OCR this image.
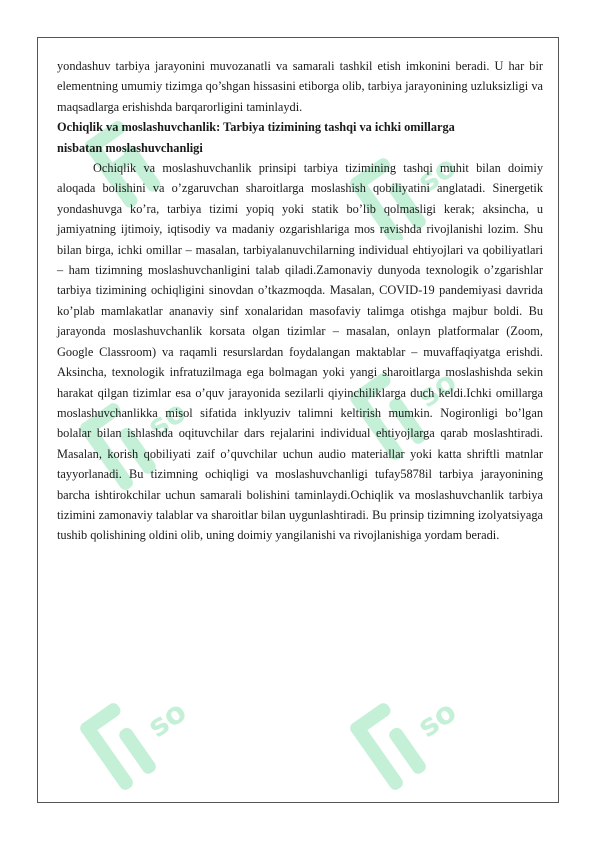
so
so
so
so	so

yondashuv tarbiya jarayonini muvozanatli va samarali tashkil etish imkonini beradi. U har bir elementning umumiy tizimga qo’shgan hissasini etiborga olib, tarbiya jarayonining uzluksizligi va maqsadlarga erishishda barqarorligini taminlaydi.

Ochiqlik va moslashuvchanlik: Tarbiya tizimining tashqi va ichki omillarga

nisbatan moslashuvchanligi

Ochiqlik va moslashuvchanlik prinsipi tarbiya tizimining tashqi muhit bilan doimiy aloqada bolishini va o’zgaruvchan sharoitlarga moslashish qobiliyatini anglatadi. Sinergetik yondashuvga ko’ra, tarbiya tizimi yopiq yoki statik bo’lib qolmasligi kerak; aksincha, u jamiyatning ijtimoiy, iqtisodiy va madaniy ozgarishlariga mos ravishda rivojlanishi lozim. Shu bilan birga, ichki omillar – masalan, tarbiyalanuvchilarning individual ehtiyojlari va qobiliyatlari – ham tizimning moslashuvchanligini talab qiladi.Zamonaviy dunyoda texnologik o’zgarishlar tarbiya tizimining ochiqligini sinovdan o’tkazmoqda. Masalan, COVID-19 pandemiyasi davrida ko’plab mamlakatlar ananaviy sinf xonalaridan masofaviy talimga otishga majbur boldi. Bu jarayonda moslashuvchanlik korsata olgan tizimlar – masalan, onlayn platformalar (Zoom, Google Classroom) va raqamli resurslardan foydalangan maktablar – muvaffaqiyatga erishdi. Aksincha, texnologik infratuzilmaga ega bolmagan yoki yangi sharoitlarga moslashishda sekin harakat qilgan tizimlar esa o’quv jarayonida sezilarli qiyinchiliklarga duch keldi.Ichki omillarga moslashuvchanlikka misol sifatida inklyuziv talimni keltirish mumkin. Nogironligi bo’lgan bolalar bilan ishlashda oqituvchilar dars rejalarini individual ehtiyojlarga qarab moslashtiradi. Masalan, korish qobiliyati zaif o’quvchilar uchun audio materiallar yoki katta shriftli matnlar tayyorlanadi. Bu tizimning ochiqligi va moslashuvchanligi tufay5878il tarbiya jarayonining barcha ishtirokchilar uchun samarali bolishini taminlaydi.Ochiqlik va moslashuvchanlik tarbiya tizimini zamonaviy talablar va sharoitlar bilan uygunlashtiradi. Bu prinsip tizimning izolyatsiyaga tushib qolishining oldini olib, uning doimiy yangilanishi va rivojlanishiga yordam beradi.
